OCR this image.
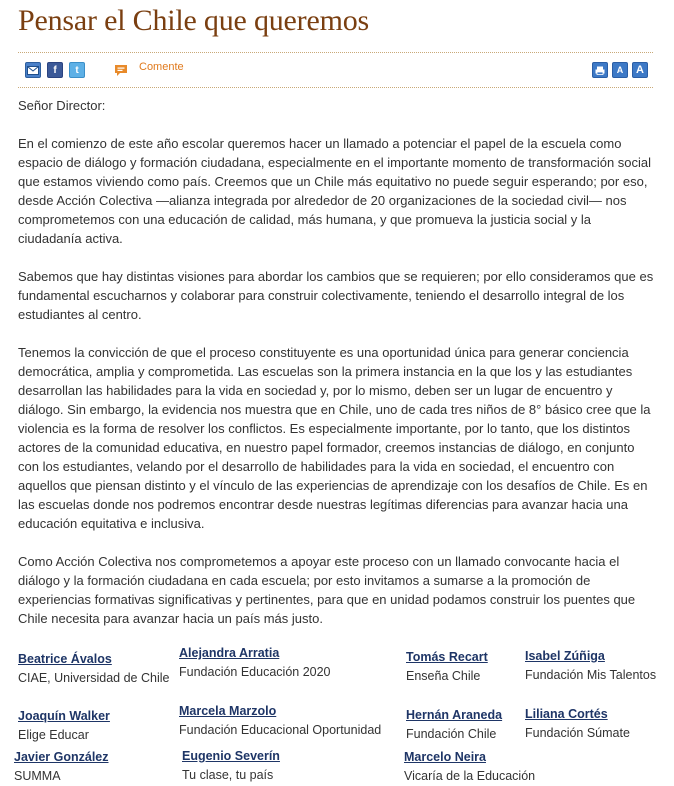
Pensar el Chile que queremos
f	t	Comente	A	A

Señor Director:

En el comienzo de este año escolar queremos hacer un llamado a potenciar el papel de la escuela como espacio de diálogo y formación ciudadana, especialmente en el importante momento de transformación social que estamos viviendo como país. Creemos que un Chile más equitativo no puede seguir esperando; por eso, desde Acción Colectiva —alianza integrada por alrededor de 20 organizaciones de la sociedad civil— nos comprometemos con una educación de calidad, más humana, y que promueva la justicia social y la ciudadanía activa.

Sabemos que hay distintas visiones para abordar los cambios que se requieren; por ello consideramos que es fundamental escucharnos y colaborar para construir colectivamente, teniendo el desarrollo integral de los estudiantes al centro.

Tenemos la convicción de que el proceso constituyente es una oportunidad única para generar conciencia democrática, amplia y comprometida. Las escuelas son la primera instancia en la que los y las estudiantes desarrollan las habilidades para la vida en sociedad y, por lo mismo, deben ser un lugar de encuentro y diálogo. Sin embargo, la evidencia nos muestra que en Chile, uno de cada tres niños de 8° básico cree que la violencia es la forma de resolver los conflictos. Es especialmente importante, por lo tanto, que los distintos actores de la comunidad educativa, en nuestro papel formador, creemos instancias de diálogo, en conjunto con los estudiantes, velando por el desarrollo de habilidades para la vida en sociedad, el encuentro con aquellos que piensan distinto y el vínculo de las experiencias de aprendizaje con los desafíos de Chile. Es en las escuelas donde nos podremos encontrar desde nuestras legítimas diferencias para avanzar hacia una educación equitativa e inclusiva.

Como Acción Colectiva nos comprometemos a apoyar este proceso con un llamado convocante hacia el diálogo y la formación ciudadana en cada escuela; por esto invitamos a sumarse a la promoción de experiencias formativas significativas y pertinentes, para que en unidad podamos construir los puentes que Chile necesita para avanzar hacia un país más justo.

Beatrice Ávalos
CIAE, Universidad de Chile
Alejandra Arratia
Fundación Educación 2020
Tomás Recart
Enseña Chile
Isabel Zúñiga
Fundación Mis Talentos
Joaquín Walker
Elige Educar
Marcela Marzolo
Fundación Educacional Oportunidad
Hernán Araneda
Fundación Chile
Liliana Cortés
Fundación Súmate
Javier González
SUMMA
Eugenio Severín
Tu clase, tu país
Marcelo Neira
Vicaría de la Educación
